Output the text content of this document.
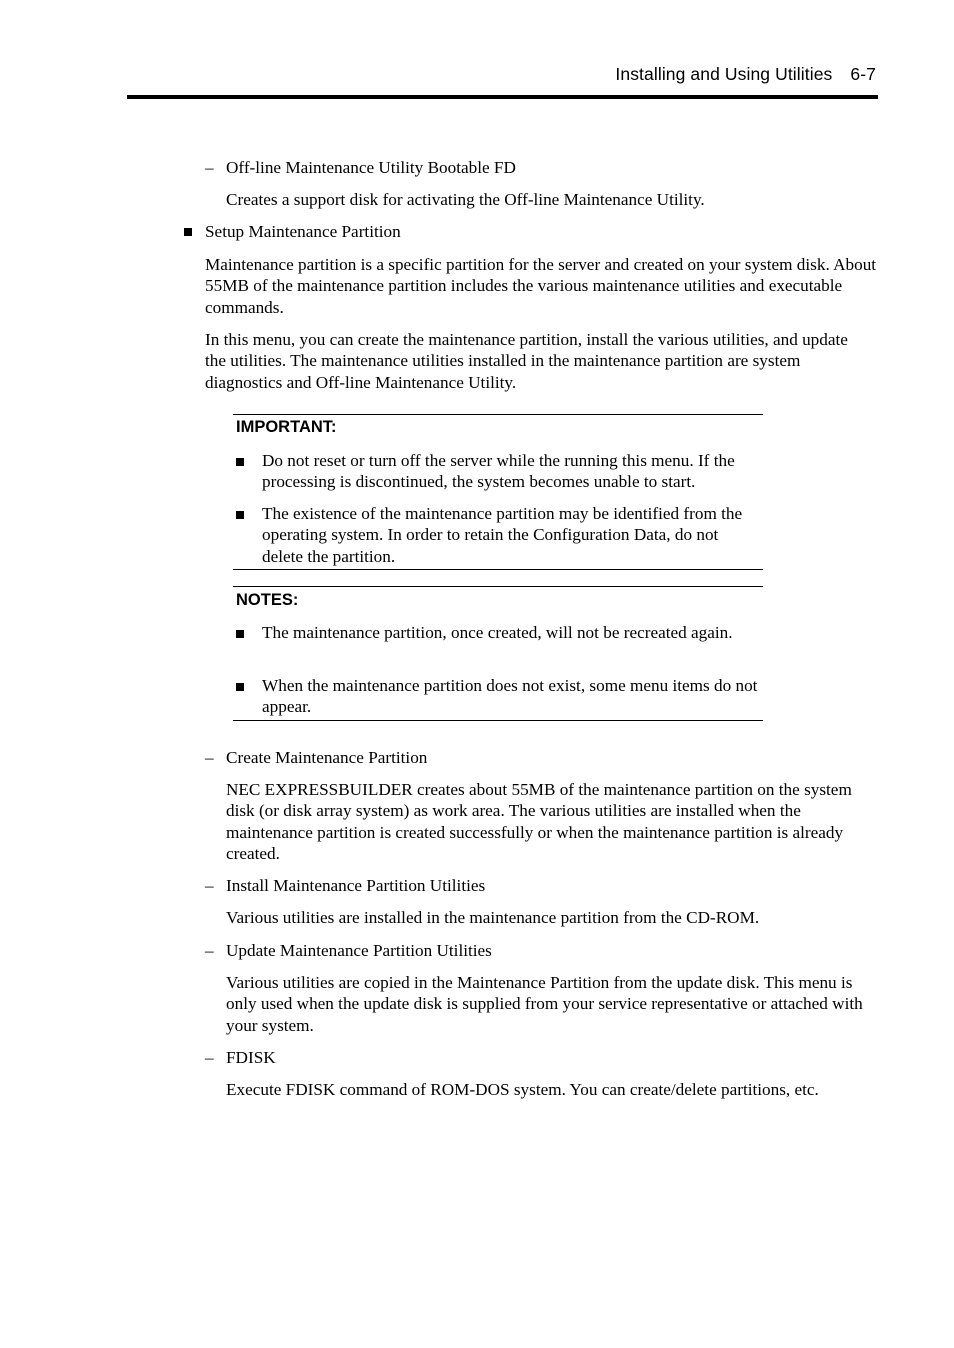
Installing and Using Utilities 6-7
– Off-line Maintenance Utility Bootable FD

Creates a support disk for activating the Off-line Maintenance Utility.

Setup Maintenance Partition

Maintenance partition is a specific partition for the server and created on your system disk. About 55MB of the maintenance partition includes the various maintenance utilities and executable commands.

In this menu, you can create the maintenance partition, install the various utilities, and update the utilities. The maintenance utilities installed in the maintenance partition are system diagnostics and Off-line Maintenance Utility.

IMPORTANT:

Do not reset or turn off the server while the running this menu. If the processing is discontinued, the system becomes unable to start.

The existence of the maintenance partition may be identified from the operating system. In order to retain the Configuration Data, do not delete the partition.

NOTES:

The maintenance partition, once created, will not be recreated again.

When the maintenance partition does not exist, some menu items do not appear.

– Create Maintenance Partition

NEC EXPRESSBUILDER creates about 55MB of the maintenance partition on the system disk (or disk array system) as work area. The various utilities are installed when the maintenance partition is created successfully or when the maintenance partition is already created.

– Install Maintenance Partition Utilities

Various utilities are installed in the maintenance partition from the CD-ROM.

– Update Maintenance Partition Utilities

Various utilities are copied in the Maintenance Partition from the update disk. This menu is only used when the update disk is supplied from your service representative or attached with your system.

– FDISK

Execute FDISK command of ROM-DOS system. You can create/delete partitions, etc.
